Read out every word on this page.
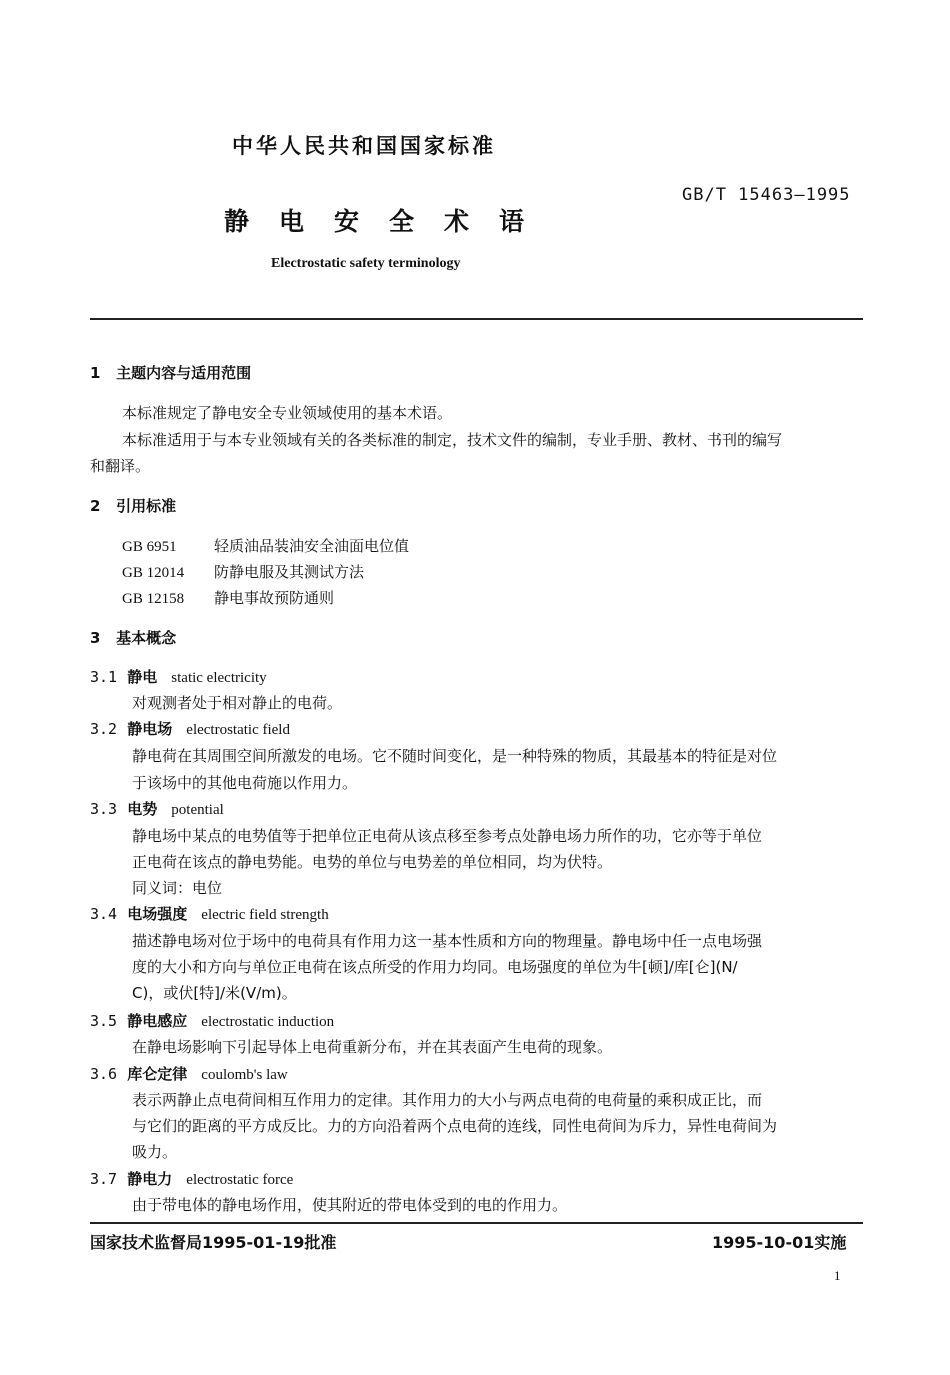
中华人民共和国国家标准
GB/T 15463—1995
静电安全术语
Electrostatic safety terminology
1 主题内容与适用范围
本标准规定了静电安全专业领域使用的基本术语。
本标准适用于与本专业领域有关的各类标准的制定，技术文件的编制，专业手册、教材、书刊的编写
和翻译。
2 引用标准
GB 6951 轻质油品装油安全油面电位值
GB 12014 防静电服及其测试方法
GB 12158 静电事故预防通则
3 基本概念
3.1 静电 static electricity
对观测者处于相对静止的电荷。
3.2 静电场 electrostatic field
静电荷在其周围空间所激发的电场。它不随时间变化，是一种特殊的物质，其最基本的特征是对位
于该场中的其他电荷施以作用力。
3.3 电势 potential
静电场中某点的电势值等于把单位正电荷从该点移至参考点处静电场力所作的功，它亦等于单位
正电荷在该点的静电势能。电势的单位与电势差的单位相同，均为伏特。
同义词：电位
3.4 电场强度 electric field strength
描述静电场对位于场中的电荷具有作用力这一基本性质和方向的物理量。静电场中任一点电场强
度的大小和方向与单位正电荷在该点所受的作用力均同。电场强度的单位为牛[顿]/库[仑](N/
C)，或伏[特]/米(V/m)。
3.5 静电感应 electrostatic induction
在静电场影响下引起导体上电荷重新分布，并在其表面产生电荷的现象。
3.6 库仑定律 coulomb's law
表示两静止点电荷间相互作用力的定律。其作用力的大小与两点电荷的电荷量的乘积成正比，而
与它们的距离的平方成反比。力的方向沿着两个点电荷的连线，同性电荷间为斥力，异性电荷间为
吸力。
3.7 静电力 electrostatic force
由于带电体的静电场作用，使其附近的带电体受到的电的作用力。
国家技术监督局1995-01-19批准	1995-10-01实施
1
